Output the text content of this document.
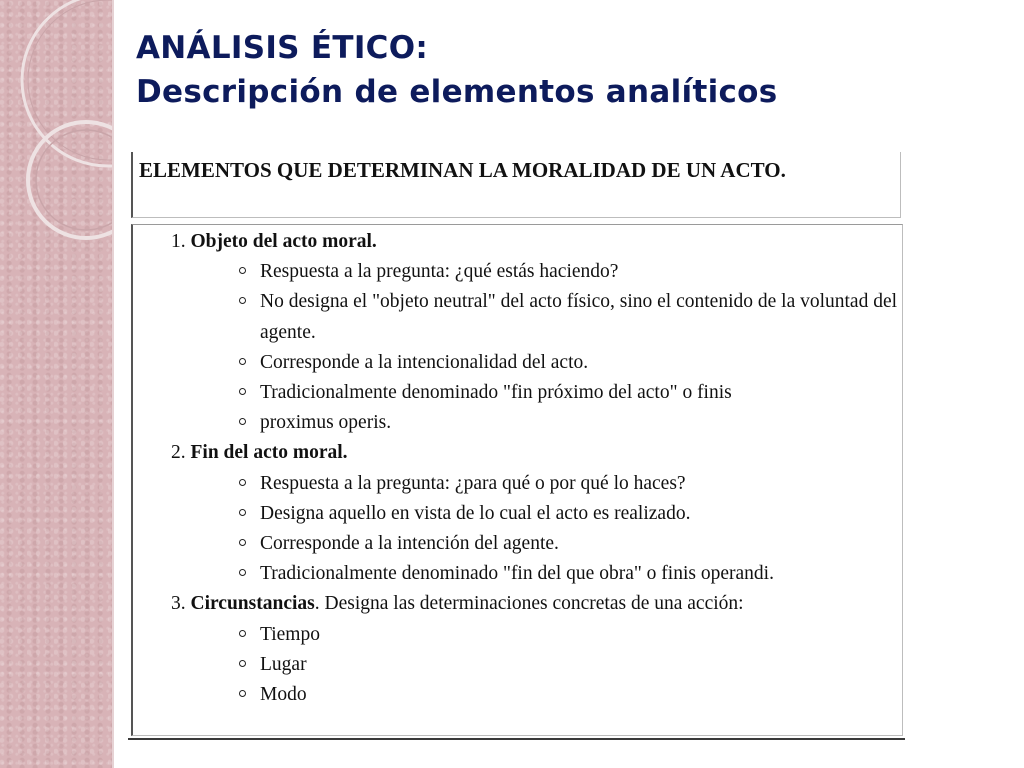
ANÁLISIS ÉTICO:
Descripción de elementos analíticos
ELEMENTOS QUE DETERMINAN LA MORALIDAD DE UN ACTO.
1. Objeto del acto moral.
Respuesta a la pregunta: ¿qué estás haciendo?
No designa el "objeto neutral" del acto físico, sino el contenido de la voluntad del agente.
Corresponde a la intencionalidad del acto.
Tradicionalmente denominado "fin próximo del acto" o finis
proximus operis.
2. Fin del acto moral.
Respuesta a la pregunta: ¿para qué o por qué lo haces?
Designa aquello en vista de lo cual el acto es realizado.
Corresponde a la intención del agente.
Tradicionalmente denominado "fin del que obra" o finis operandi.
3. Circunstancias. Designa las determinaciones concretas de una acción:
Tiempo
Lugar
Modo
